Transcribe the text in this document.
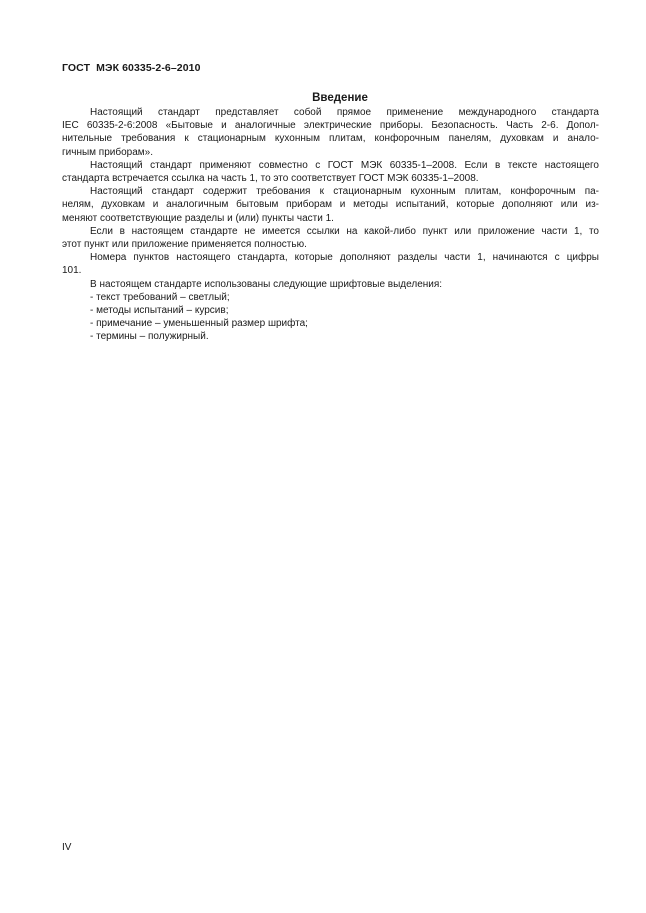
ГОСТ  МЭК 60335-2-6–2010
Введение
Настоящий стандарт представляет собой прямое применение международного стандарта
IEC 60335-2-6:2008 «Бытовые и аналогичные электрические приборы. Безопасность. Часть 2-6. Допол-
нительные требования к стационарным кухонным плитам, конфорочным панелям, духовкам и анало-
гичным приборам».
Настоящий стандарт применяют совместно с ГОСТ МЭК 60335-1–2008. Если в тексте настоящего
стандарта встречается ссылка на часть 1, то это соответствует ГОСТ МЭК 60335-1–2008.
Настоящий стандарт содержит требования к стационарным кухонным плитам, конфорочным па-
нелям, духовкам и аналогичным бытовым приборам и методы испытаний, которые дополняют или из-
меняют соответствующие разделы и (или) пункты части 1.
Если в настоящем стандарте не имеется ссылки на какой-либо пункт или приложение части 1, то
этот пункт или приложение применяется полностью.
Номера пунктов настоящего стандарта, которые дополняют разделы части 1, начинаются с цифры
101.
В настоящем стандарте использованы следующие шрифтовые выделения:
- текст требований – светлый;
- методы испытаний – курсив;
- примечание – уменьшенный размер шрифта;
- термины – полужирный.
IV
